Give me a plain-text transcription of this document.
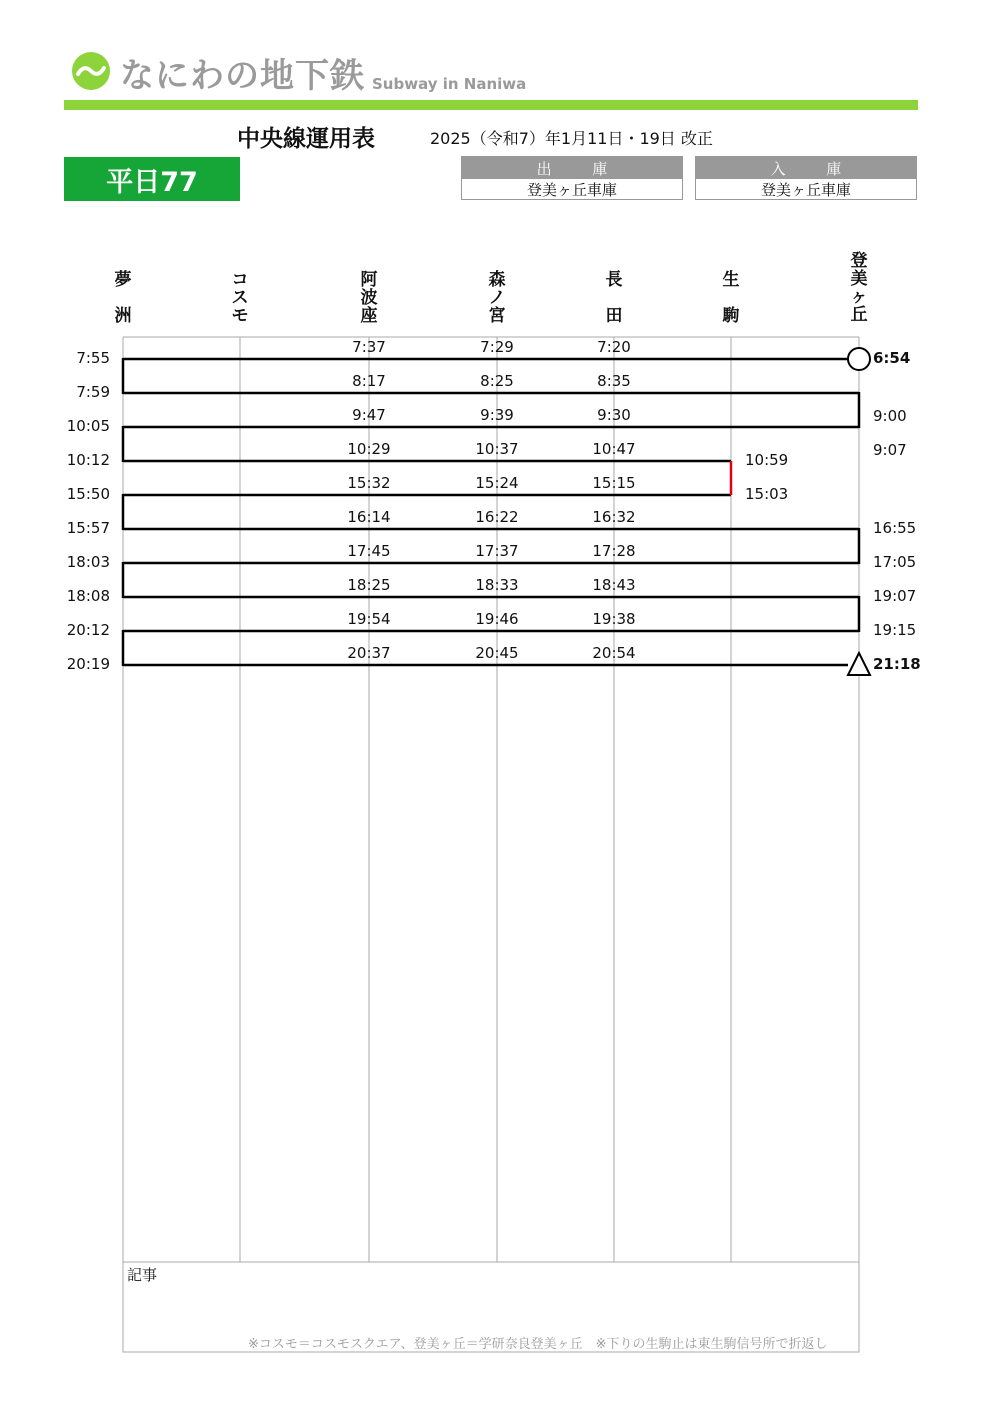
なにわの地下鉄 Subway in Naniwa
中央線運用表	2025（令和7）年1月11日・19日 改正
平日77	出 庫
登美ヶ丘車庫
入 庫
登美ヶ丘車庫
夢
洲
コ
ス
モ
阿
波
座
森
ノ
宮
長
田
生
駒
登
美
ヶ
丘
7:37
8:17
9:47
10:29
15:32
16:14
17:45
18:25
19:54
20:37
7:29
8:25
9:39
10:37
15:24
16:22
17:37
18:33
19:46
20:45
7:20
8:35
9:30
10:47
15:15
16:32
17:28
18:43
19:38
20:54
7:55
7:59
10:05
10:12
15:50
15:57
18:03
18:08
20:12
20:19
6:54
9:00
9:07
16:55
17:05
19:07
19:15
21:18
10:59
15:03
記事
※コスモ＝コスモスクエア、登美ヶ丘＝学研奈良登美ヶ丘　※下りの生駒止は東生駒信号所で折返し
